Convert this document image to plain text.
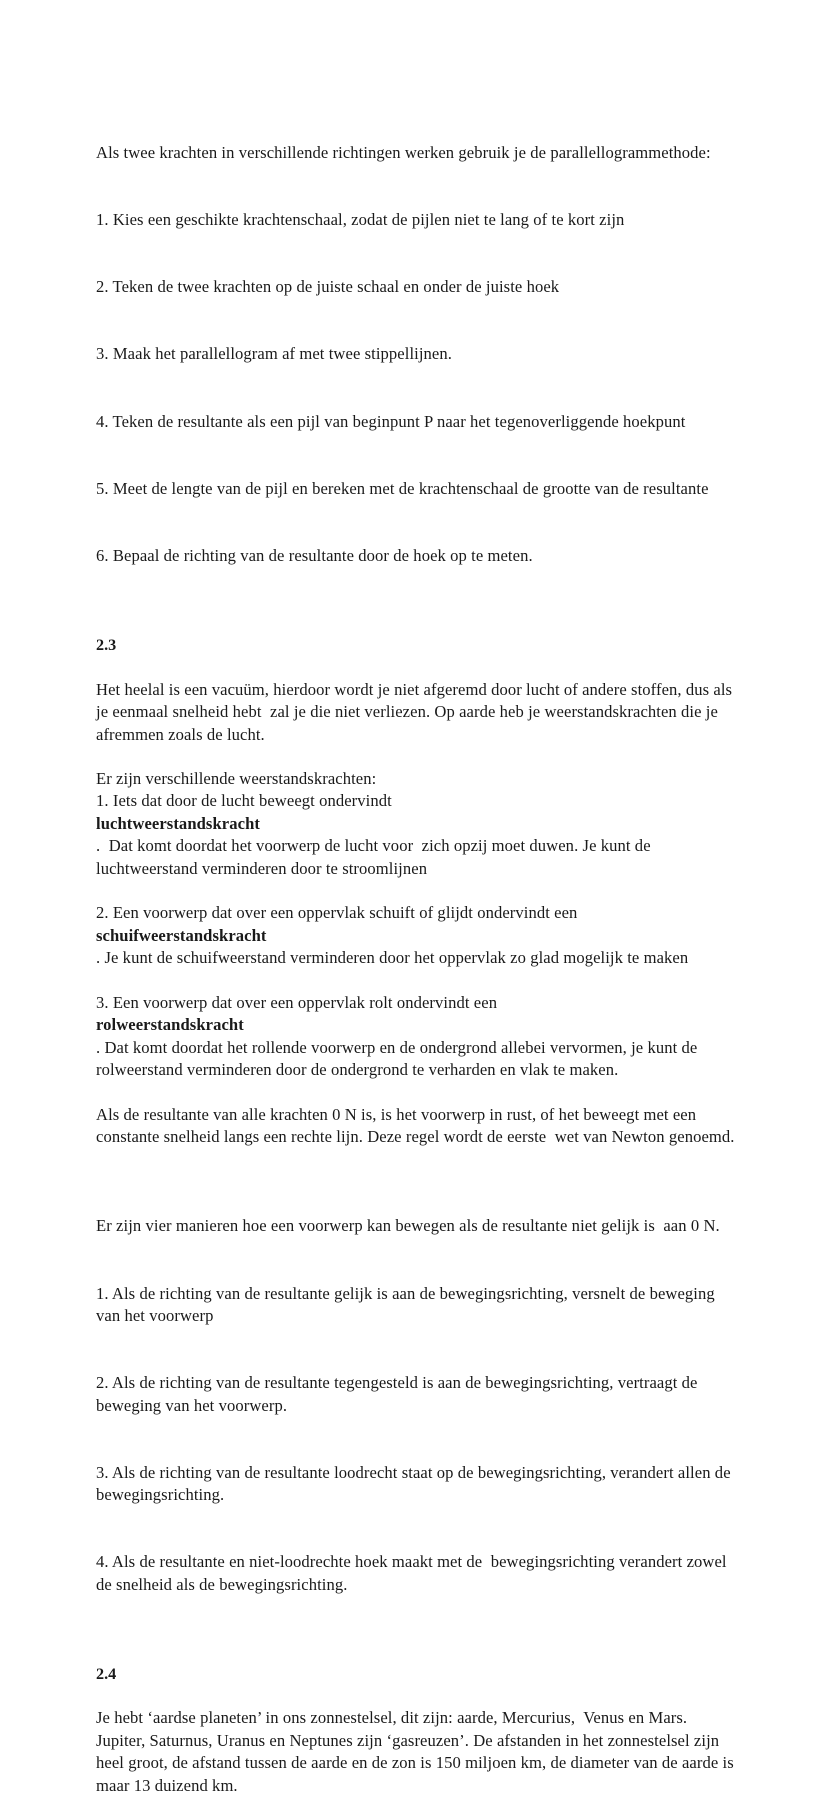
Als twee krachten in verschillende richtingen werken gebruik je de parallellogrammethode:

1. Kies een geschikte krachtenschaal, zodat de pijlen niet te lang of te kort zijn

2. Teken de twee krachten op de juiste schaal en onder de juiste hoek

3. Maak het parallellogram af met twee stippellijnen.

4. Teken de resultante als een pijl van beginpunt P naar het tegenoverliggende hoekpunt

5. Meet de lengte van de pijl en bereken met de krachtenschaal de grootte van de resultante

6. Bepaal de richting van de resultante door de hoek op te meten.

2.3
Het heelal is een vacuüm, hierdoor wordt je niet afgeremd door lucht of andere stoffen, dus als je eenmaal snelheid hebt  zal je die niet verliezen. Op aarde heb je weerstandskrachten die je afremmen zoals de lucht.
Er zijn verschillende weerstandskrachten:
1. Iets dat door de lucht beweegt ondervindt
luchtweerstandskracht
.  Dat komt doordat het voorwerp de lucht voor  zich opzij moet duwen. Je kunt de luchtweerstand verminderen door te stroomlijnen

2. Een voorwerp dat over een oppervlak schuift of glijdt ondervindt een
schuifweerstandskracht
. Je kunt de schuifweerstand verminderen door het oppervlak zo glad mogelijk te maken

3. Een voorwerp dat over een oppervlak rolt ondervindt een
rolweerstandskracht
. Dat komt doordat het rollende voorwerp en de ondergrond allebei vervormen, je kunt de rolweerstand verminderen door de ondergrond te verharden en vlak te maken.
Als de resultante van alle krachten 0 N is, is het voorwerp in rust, of het beweegt met een constante snelheid langs een rechte lijn. Deze regel wordt de eerste  wet van Newton genoemd.

Er zijn vier manieren hoe een voorwerp kan bewegen als de resultante niet gelijk is  aan 0 N.

1. Als de richting van de resultante gelijk is aan de bewegingsrichting, versnelt de beweging van het voorwerp

2. Als de richting van de resultante tegengesteld is aan de bewegingsrichting, vertraagt de beweging van het voorwerp.

3. Als de richting van de resultante loodrecht staat op de bewegingsrichting, verandert allen de bewegingsrichting.

4. Als de resultante en niet-loodrechte hoek maakt met de  bewegingsrichting verandert zowel de snelheid als de bewegingsrichting.

2.4
Je hebt ‘aardse planeten’ in ons zonnestelsel, dit zijn: aarde, Mercurius,  Venus en Mars. Jupiter, Saturnus, Uranus en Neptunes zijn ‘gasreuzen’. De afstanden in het zonnestelsel zijn heel groot, de afstand tussen de aarde en de zon is 150 miljoen km, de diameter van de aarde is maar 13 duizend km.
